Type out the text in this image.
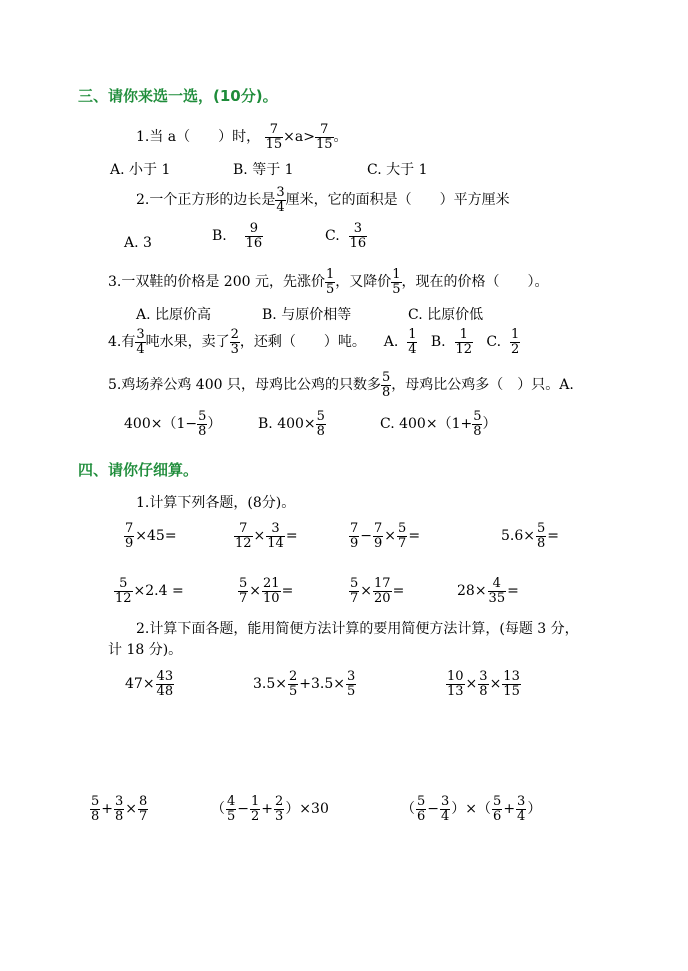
三、请你来选一选，(10分)。
1.当 a（　　）时， $\frac{7}{15} \times a> \frac{7}{15}$ 。
A. 小于 1	B. 等于 1	C. 大于 1
2.一个正方形的边长是 $\frac{3}{4}$ 厘米，它的面积是（　　）平方厘米
A. 3	B. $\frac{9}{16}$	C. $\frac{3}{16}$
3.一双鞋的价格是 200 元，先涨价 $\frac{1}{5}$ ，又降价 $\frac{1}{5}$ ，现在的价格（　　）。
A. 比原价高	B. 与原价相等	C. 比原价低
4.有 $\frac{3}{4}$ 吨水果，卖了 $\frac{2}{3}$ ，还剩（　　）吨。 A. $\frac{1}{4} B$. $\frac{1}{12} C$. $\frac{1}{2}$
5.鸡场养公鸡 400 只，母鸡比公鸡的只数多 $\frac{5}{8}$ ，母鸡比公鸡多（　）只。A.
$400\times(1- \frac{5}{8}$ ）	B. $400\times \frac{5}{8}$	C. $400\times(1+ \frac{5}{8}$ ）
四、请你仔细算。
1.计算下列各题，(8分)。
$\frac{7}{9} \times 45=$	$\frac{7}{12} \times \frac{3}{14}$ =	$\frac{7}{9} - \frac{7}{9} \times \frac{5}{7}$ =	$5.6\times \frac{5}{8}$ =
$\frac{5}{12} \times 2.4$ =	$\frac{5}{7} \times \frac{21}{10}$ =	$\frac{5}{7} \times \frac{17}{20}$ =	$28\times \frac{4}{35}$ =
2.计算下面各题，能用简便方法计算的要用简便方法计算，(每题 3 分，
计 18 分)。
$47\times \frac{43}{48}$	$3.5\times \frac{2}{5} +3.5\times \frac{3}{5}$	$\frac{10}{13} \times \frac{3}{8} \times \frac{13}{15}$
$\frac{5}{8} + \frac{3}{8} \times \frac{8}{7}$	（ $\frac{4}{5} - \frac{1}{2} + \frac{2}{3} )\times 30$	（ $\frac{5}{6} - \frac{3}{4}$ ）×（ $\frac{5}{6} + \frac{3}{4}$ ）
